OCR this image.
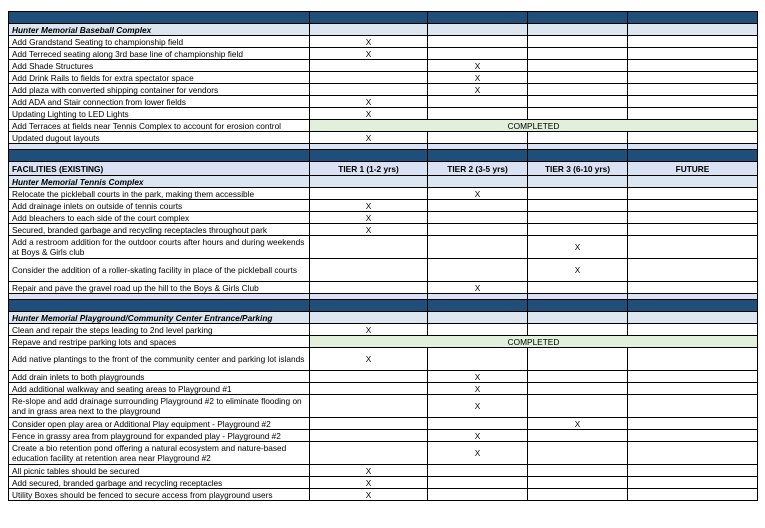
Hunter Memorial Baseball Complex				
Add Grandstand Seating to championship field	X			
Add Terreced seating along 3rd base line of championship field	X			
Add Shade Structures		X		
Add Drink Rails to fields for extra spectator space		X		
Add plaza with converted shipping container for vendors		X		
Add ADA and Stair connection from lower fields	X			
Updating Lighting to LED Lights	X			
Add Terraces at fields near Tennis Complex to account for erosion control	COMPLETED			
Updated dugout layouts	X			

FACILITIES (EXISTING)	TIER 1 (1-2 yrs)	TIER 2 (3-5 yrs)	TIER 3 (6-10 yrs)	FUTURE
Hunter Memorial Tennis Complex				
Relocate the pickleball courts in the park, making them accessible		X		
Add drainage inlets on outside of tennis courts	X			
Add bleachers to each side of the court complex	X			
Secured, branded garbage and recycling receptacles throughout park	X			
Add a restroom addition for the outdoor courts after hours and during weekends at Boys & Girls club			X	
Consider the addition of a roller-skating facility in place of the pickleball courts			X	
Repair and pave the gravel road up the hill to the Boys & Girls Club		X		

Hunter Memorial Playground/Community Center Entrance/Parking				
Clean and repair the steps leading to 2nd level parking	X			
Repave and restripe parking lots and spaces	COMPLETED			
Add native plantings to the front of the community center and parking lot islands	X			
Add drain inlets to both playgrounds		X		
Add additional walkway and seating areas to Playground #1		X		
Re-slope and add drainage surrounding Playground #2 to eliminate flooding on and in grass area next to the playground		X		
Consider open play area or Additional Play equipment - Playground #2			X	
Fence in grassy area from playground for expanded play - Playground #2		X		
Create a bio retention pond offering a natural ecosystem and nature-based education facility at retention area near Playground #2		X		
All picnic tables should be secured	X			
Add secured, branded garbage and recycling receptacles	X			
Utility Boxes should be fenced to secure access from playground users	X			
